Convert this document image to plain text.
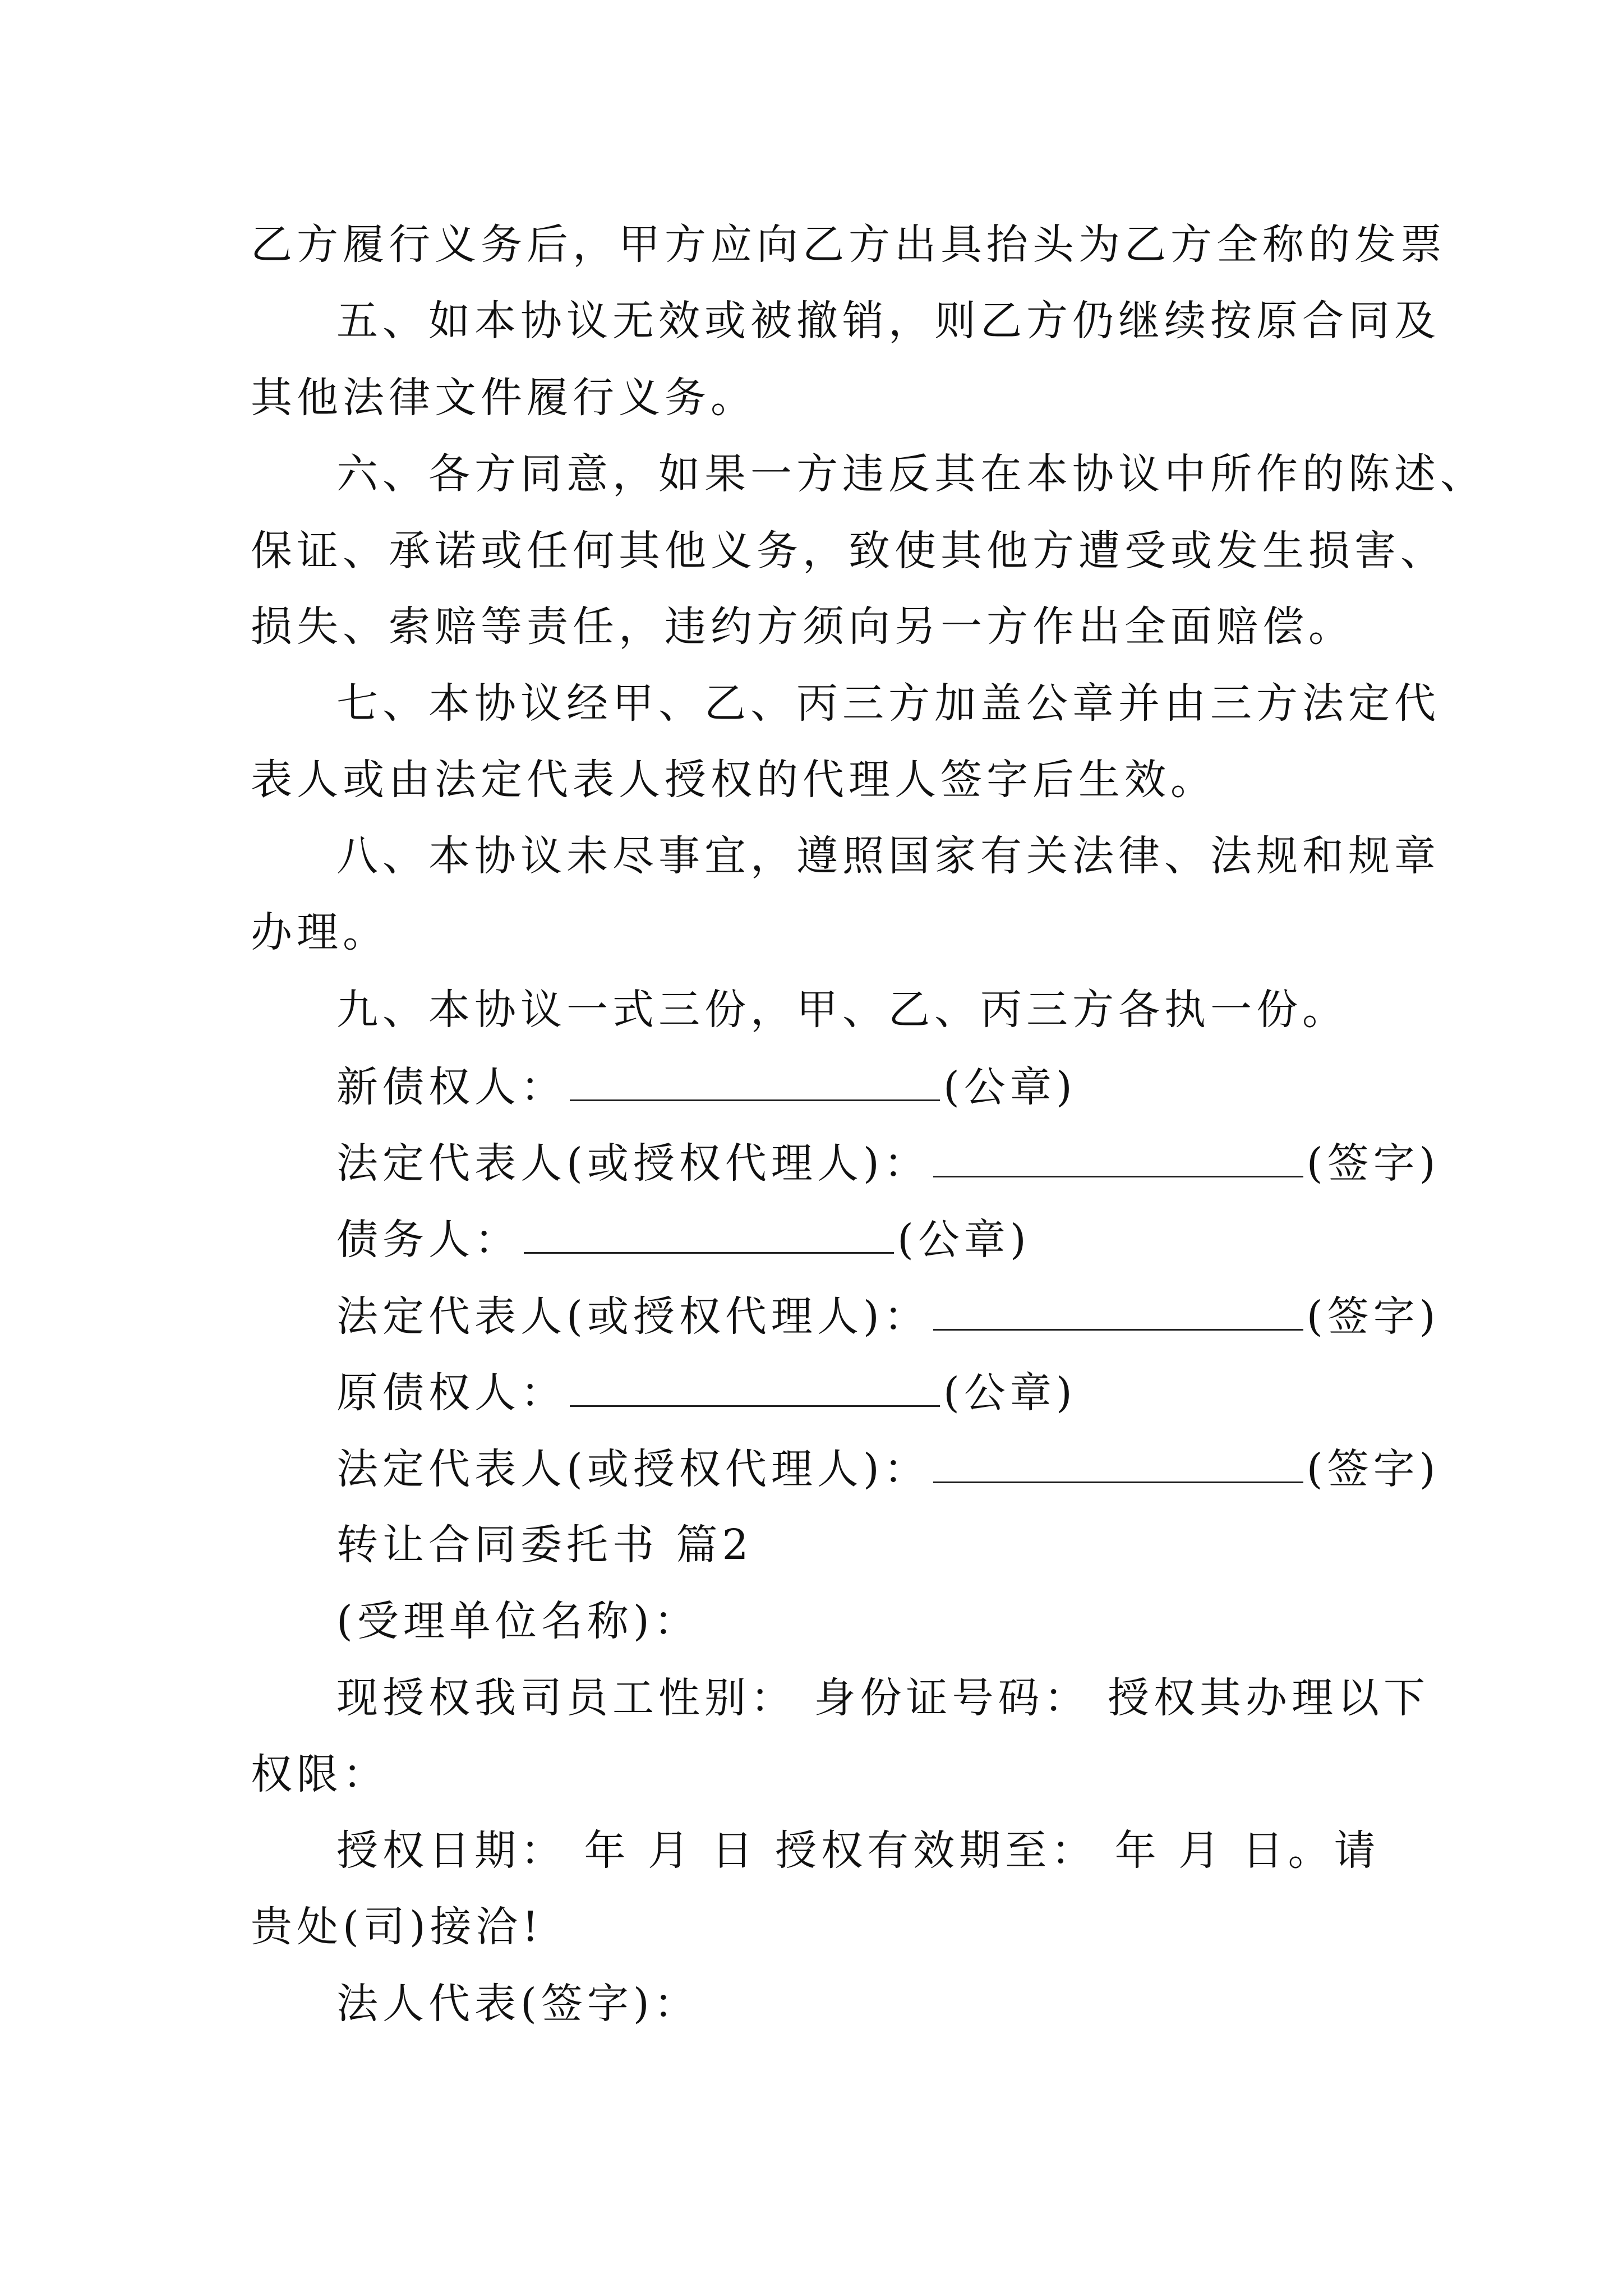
乙方履行义务后，甲方应向乙方出具抬头为乙方全称的发票
五、如本协议无效或被撤销，则乙方仍继续按原合同及
其他法律文件履行义务。
六、各方同意，如果一方违反其在本协议中所作的陈述、
保证、承诺或任何其他义务，致使其他方遭受或发生损害、
损失、索赔等责任，违约方须向另一方作出全面赔偿。
七、本协议经甲、乙、丙三方加盖公章并由三方法定代
表人或由法定代表人授权的代理人签字后生效。
八、本协议未尽事宜，遵照国家有关法律、法规和规章
办理。
九、本协议一式三份，甲、乙、丙三方各执一份。
新债权人：	(公章)
法定代表人(或授权代理人)：	(签字)
债务人：	(公章)
法定代表人(或授权代理人)：	(签字)
原债权人：	(公章)
法定代表人(或授权代理人)：	(签字)
转让合同委托书 篇2
(受理单位名称)：
现授权我司员工性别： 身份证号码： 授权其办理以下
权限：
授权日期： 年 月 日 授权有效期至： 年 月 日。请
贵处(司)接洽!
法人代表(签字)：
